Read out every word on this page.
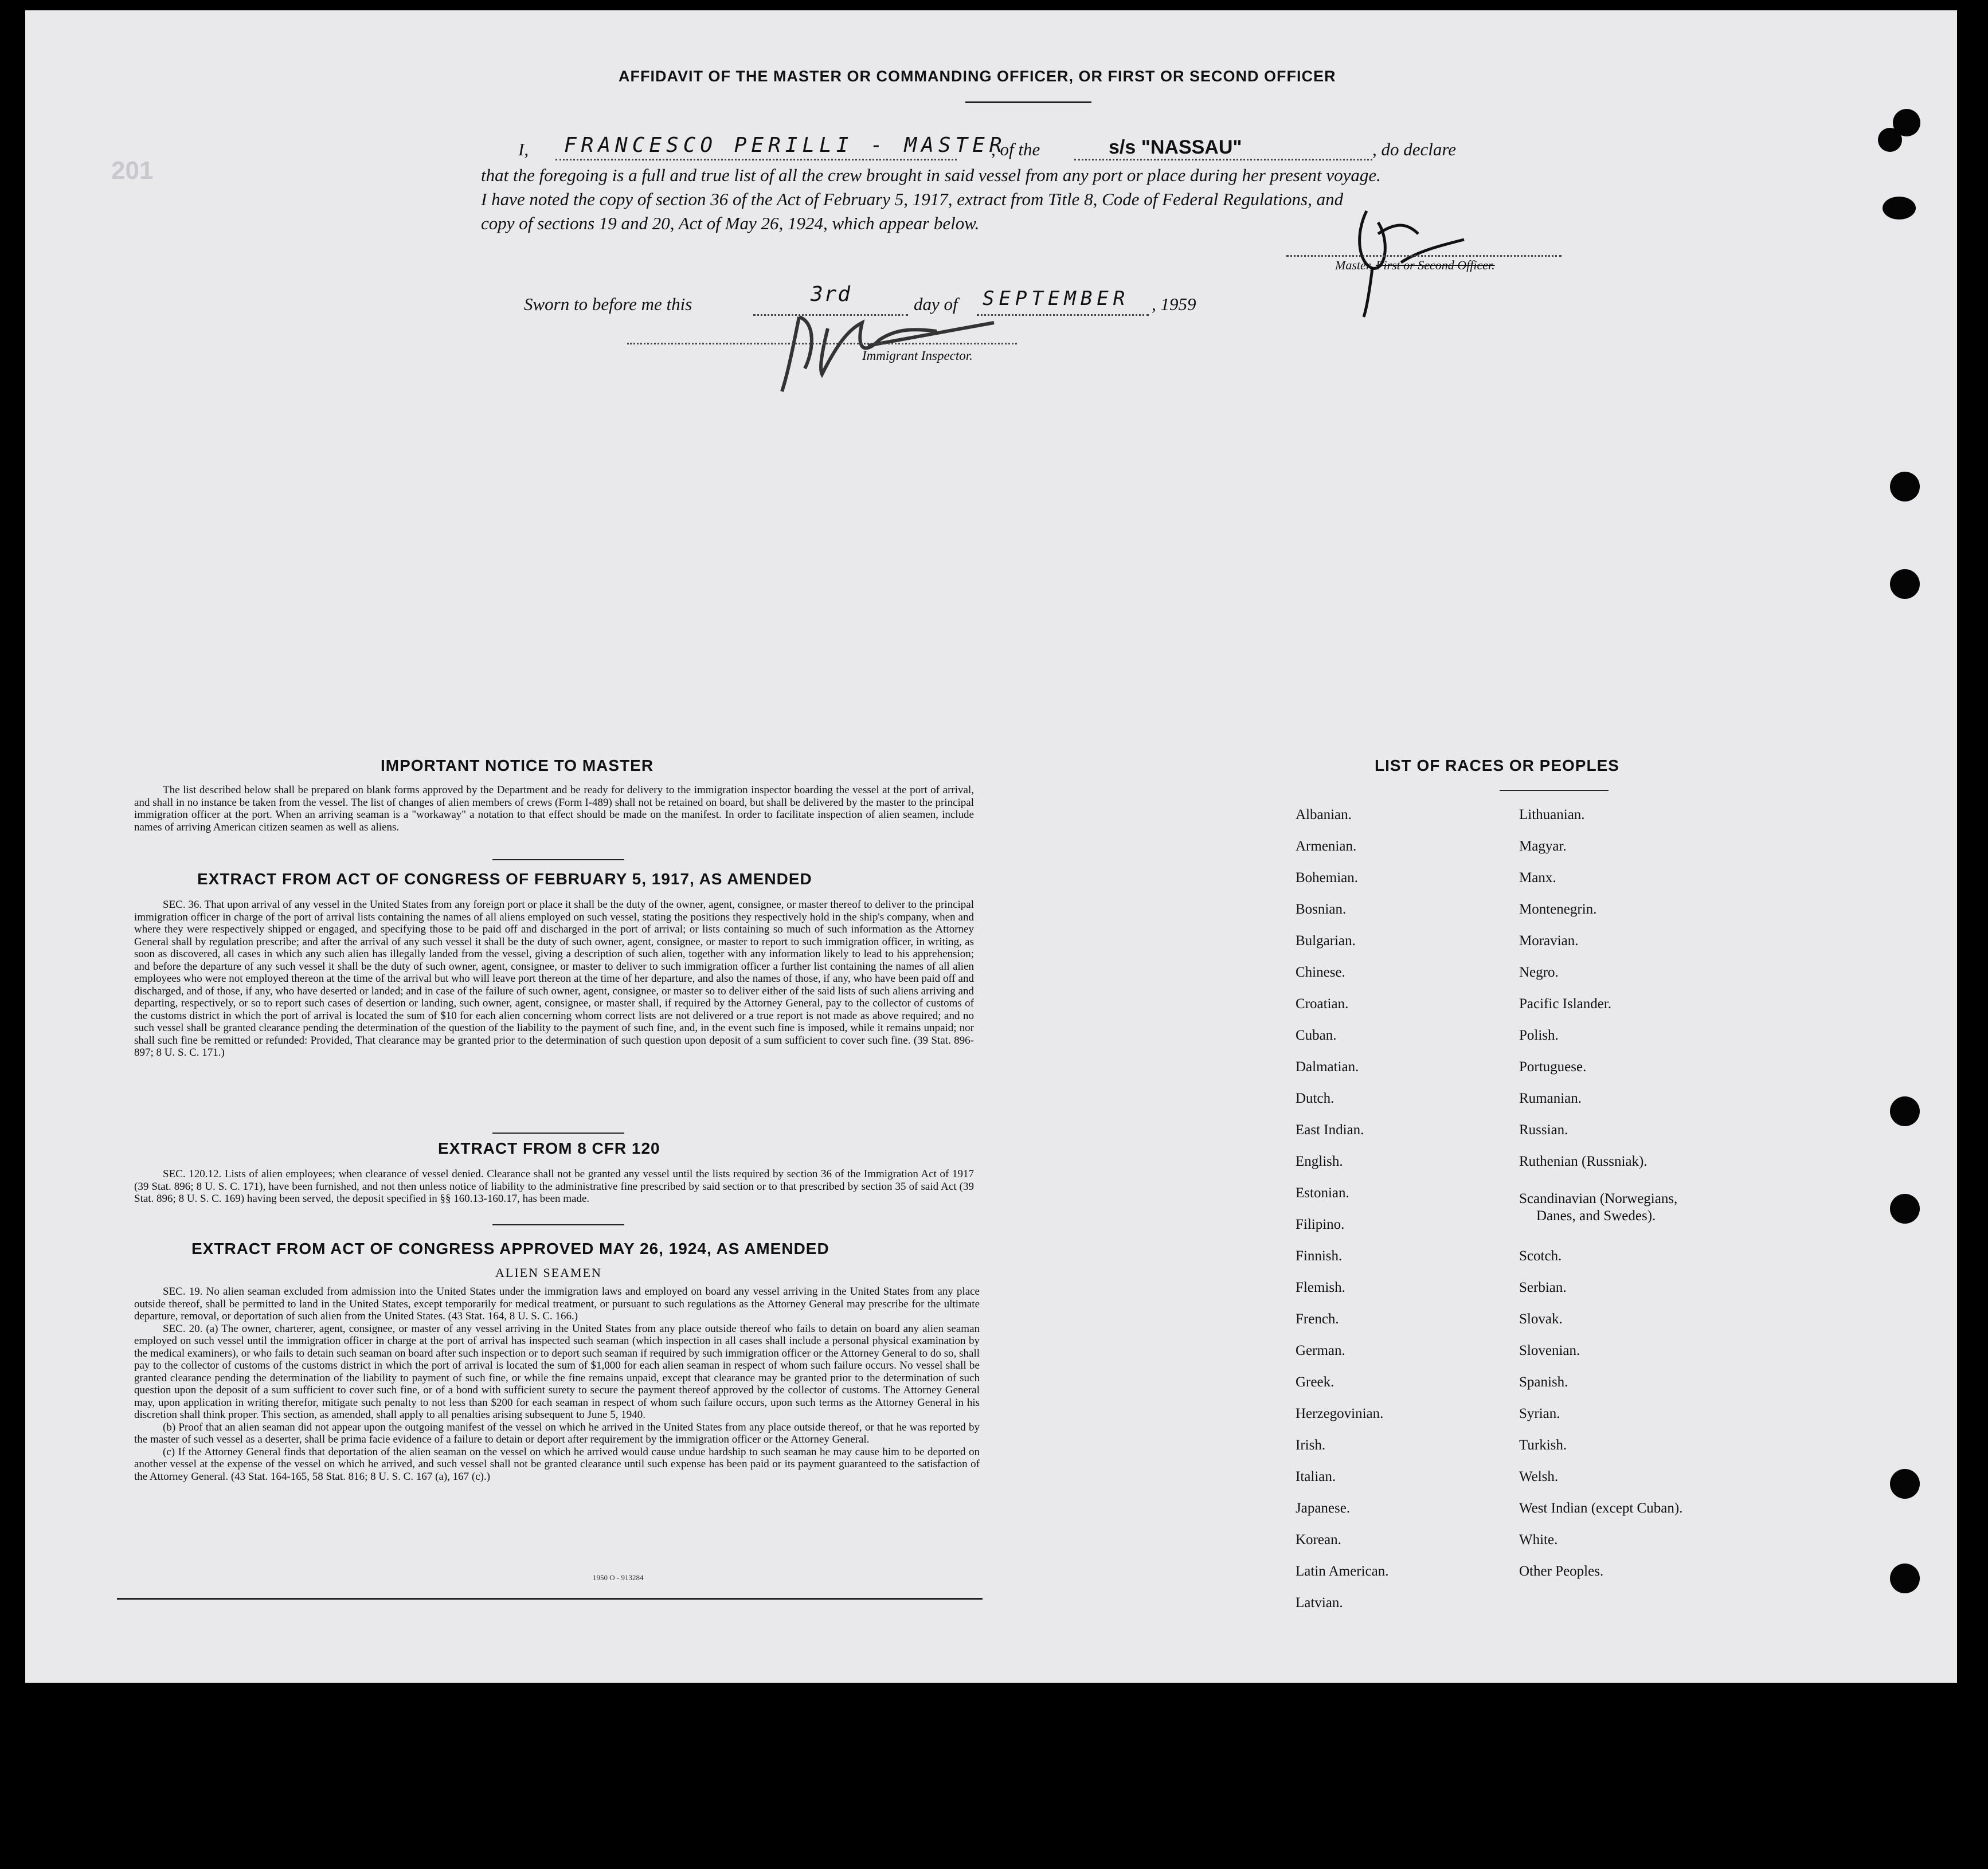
201
AFFIDAVIT OF THE MASTER OR COMMANDING OFFICER, OR FIRST OR SECOND OFFICER
I, FRANCESCO PERILLI - MASTER
, of the	s/s "NASSAU"	, do declare
that the foregoing is a full and true list of all the crew brought in said vessel from any port or place during her present voyage.
I have noted the copy of section 36 of the Act of February 5, 1917, extract from Title 8, Code of Federal Regulations, and
copy of sections 19 and 20, Act of May 26, 1924, which appear below.
Master, First or Second Officer.
Sworn to before me this	3rd	day of SEPTEMBER , 1959
Immigrant Inspector.
IMPORTANT NOTICE TO MASTER
The list described below shall be prepared on blank forms approved by the Department and be ready for delivery to the immigration inspector boarding the vessel at the port of arrival, and shall in no instance be taken from the vessel. The list of changes of alien members of crews (Form I-489) shall not be retained on board, but shall be delivered by the master to the principal immigration officer at the port. When an arriving seaman is a "workaway" a notation to that effect should be made on the manifest. In order to facilitate inspection of alien seamen, include names of arriving American citizen seamen as well as aliens.
EXTRACT FROM ACT OF CONGRESS OF FEBRUARY 5, 1917, AS AMENDED
SEC. 36. That upon arrival of any vessel in the United States from any foreign port or place it shall be the duty of the owner, agent, consignee, or master thereof to deliver to the principal immigration officer in charge of the port of arrival lists containing the names of all aliens employed on such vessel, stating the positions they respectively hold in the ship's company, when and where they were respectively shipped or engaged, and specifying those to be paid off and discharged in the port of arrival; or lists containing so much of such information as the Attorney General shall by regulation prescribe; and after the arrival of any such vessel it shall be the duty of such owner, agent, consignee, or master to report to such immigration officer, in writing, as soon as discovered, all cases in which any such alien has illegally landed from the vessel, giving a description of such alien, together with any information likely to lead to his apprehension; and before the departure of any such vessel it shall be the duty of such owner, agent, consignee, or master to deliver to such immigration officer a further list containing the names of all alien employees who were not employed thereon at the time of the arrival but who will leave port thereon at the time of her departure, and also the names of those, if any, who have been paid off and discharged, and of those, if any, who have deserted or landed; and in case of the failure of such owner, agent, consignee, or master so to deliver either of the said lists of such aliens arriving and departing, respectively, or so to report such cases of desertion or landing, such owner, agent, consignee, or master shall, if required by the Attorney General, pay to the collector of customs of the customs district in which the port of arrival is located the sum of $10 for each alien concerning whom correct lists are not delivered or a true report is not made as above required; and no such vessel shall be granted clearance pending the determination of the question of the liability to the payment of such fine, and, in the event such fine is imposed, while it remains unpaid; nor shall such fine be remitted or refunded: Provided, That clearance may be granted prior to the determination of such question upon deposit of a sum sufficient to cover such fine. (39 Stat. 896-897; 8 U. S. C. 171.)
EXTRACT FROM 8 CFR 120
SEC. 120.12. Lists of alien employees; when clearance of vessel denied. Clearance shall not be granted any vessel until the lists required by section 36 of the Immigration Act of 1917 (39 Stat. 896; 8 U. S. C. 171), have been furnished, and not then unless notice of liability to the administrative fine prescribed by said section or to that prescribed by section 35 of said Act (39 Stat. 896; 8 U. S. C. 169) having been served, the deposit specified in §§ 160.13-160.17, has been made.
EXTRACT FROM ACT OF CONGRESS APPROVED MAY 26, 1924, AS AMENDED
ALIEN SEAMEN
SEC. 19. No alien seaman excluded from admission into the United States under the immigration laws and employed on board any vessel arriving in the United States from any place outside thereof, shall be permitted to land in the United States, except temporarily for medical treatment, or pursuant to such regulations as the Attorney General may prescribe for the ultimate departure, removal, or deportation of such alien from the United States. (43 Stat. 164, 8 U. S. C. 166.)
SEC. 20. (a) The owner, charterer, agent, consignee, or master of any vessel arriving in the United States from any place outside thereof who fails to detain on board any alien seaman employed on such vessel until the immigration officer in charge at the port of arrival has inspected such seaman (which inspection in all cases shall include a personal physical examination by the medical examiners), or who fails to detain such seaman on board after such inspection or to deport such seaman if required by such immigration officer or the Attorney General to do so, shall pay to the collector of customs of the customs district in which the port of arrival is located the sum of $1,000 for each alien seaman in respect of whom such failure occurs. No vessel shall be granted clearance pending the determination of the liability to payment of such fine, or while the fine remains unpaid, except that clearance may be granted prior to the determination of such question upon the deposit of a sum sufficient to cover such fine, or of a bond with sufficient surety to secure the payment thereof approved by the collector of customs. The Attorney General may, upon application in writing therefor, mitigate such penalty to not less than $200 for each seaman in respect of whom such failure occurs, upon such terms as the Attorney General in his discretion shall think proper. This section, as amended, shall apply to all penalties arising subsequent to June 5, 1940.
(b) Proof that an alien seaman did not appear upon the outgoing manifest of the vessel on which he arrived in the United States from any place outside thereof, or that he was reported by the master of such vessel as a deserter, shall be prima facie evidence of a failure to detain or deport after requirement by the immigration officer or the Attorney General.
(c) If the Attorney General finds that deportation of the alien seaman on the vessel on which he arrived would cause undue hardship to such seaman he may cause him to be deported on another vessel at the expense of the vessel on which he arrived, and such vessel shall not be granted clearance until such expense has been paid or its payment guaranteed to the satisfaction of the Attorney General. (43 Stat. 164-165, 58 Stat. 816; 8 U. S. C. 167 (a), 167 (c).)
1950 O - 913284
LIST OF RACES OR PEOPLES
Albanian.
Armenian.
Bohemian.
Bosnian.
Bulgarian.
Chinese.
Croatian.
Cuban.
Dalmatian.
Dutch.
East Indian.
English.
Estonian.
Filipino.
Finnish.
Flemish.
French.
German.
Greek.
Herzegovinian.
Irish.
Italian.
Japanese.
Korean.
Latin American.
Latvian.
Lithuanian.
Magyar.
Manx.
Montenegrin.
Moravian.
Negro.
Pacific Islander.
Polish.
Portuguese.
Rumanian.
Russian.
Ruthenian (Russniak).
Scandinavian (Norwegians,
Danes, and Swedes).
Scotch.
Serbian.
Slovak.
Slovenian.
Spanish.
Syrian.
Turkish.
Welsh.
West Indian (except Cuban).
White.
Other Peoples.
